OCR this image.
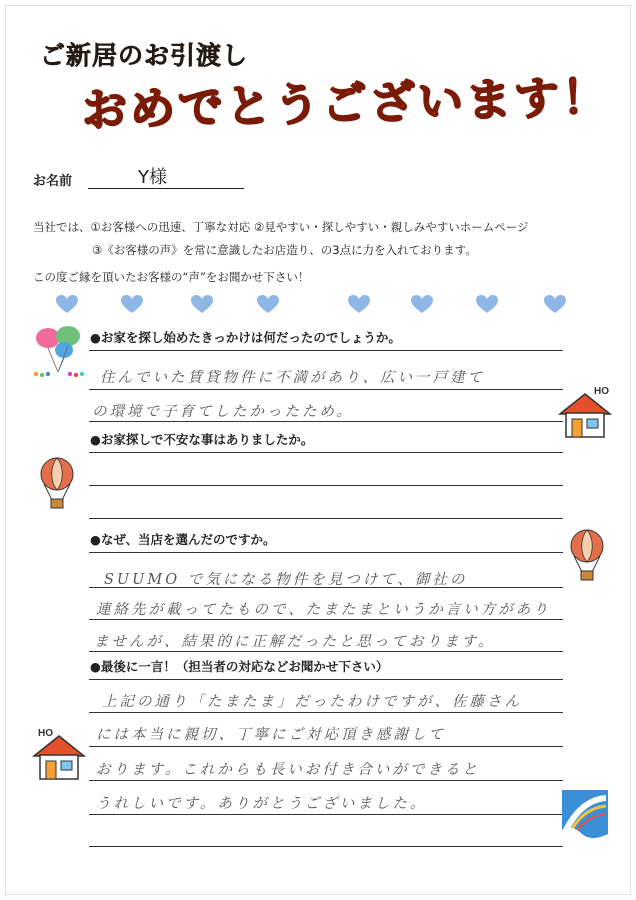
ご新居のお引渡し
おめでとうございます！
お名前	Y様
当社では、①お客様への迅速、丁寧な対応 ②見やすい・探しやすい・親しみやすいホームページ
③《お客様の声》を常に意識したお店造り、の3点に力を入れております。
この度ご縁を頂いたお客様の“声”をお聞かせ下さい！
●お家を探し始めたきっかけは何だったのでしょうか。
住んでいた賃貸物件に不満があり、広い一戸建て
の環境で子育てしたかったため。
HO
●お家探しで不安な事はありましたか。
●なぜ、当店を選んだのですか。
SUUMO で気になる物件を見つけて、御社の
連絡先が載ってたもので、たまたまというか言い方があり
ませんが、結果的に正解だったと思っております。
●最後に一言！（担当者の対応などお聞かせ下さい）
上記の通り「たまたま」だったわけですが、佐藤さん
には本当に親切、丁寧にご対応頂き感謝して
おります。これからも長いお付き合いができると
うれしいです。ありがとうございました。
HO
